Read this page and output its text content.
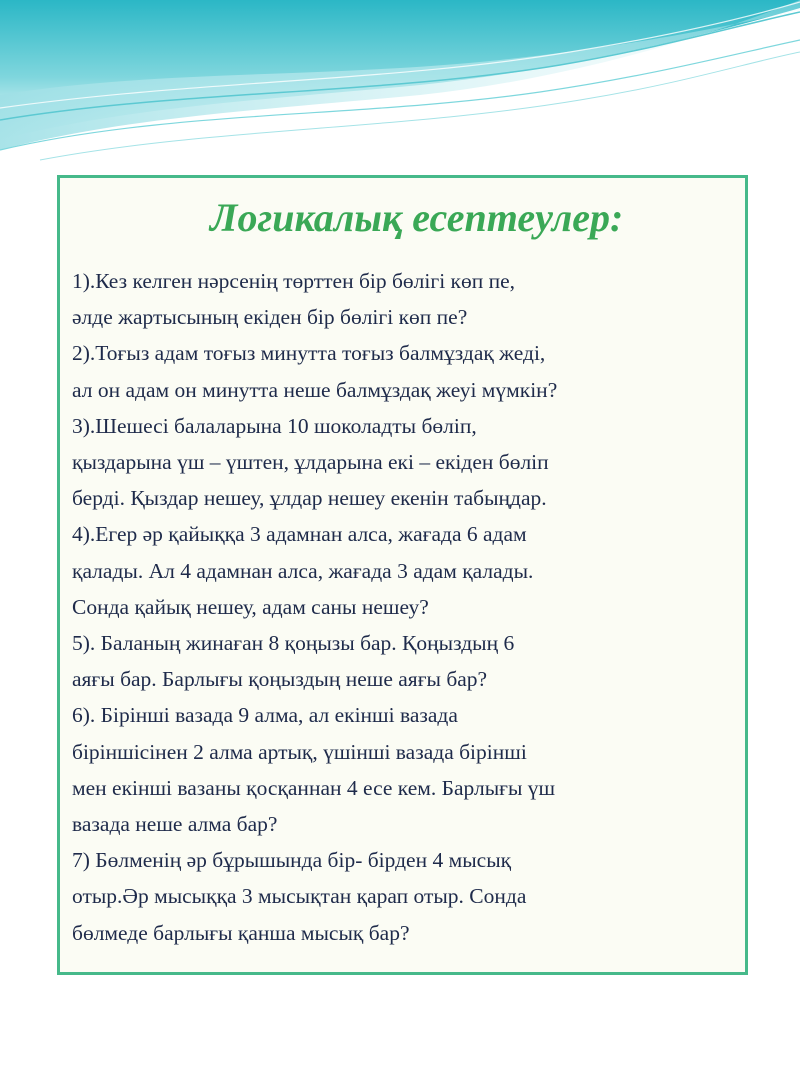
Логикалық есептеулер:
1).Кез келген нәрсенің төрттен бір бөлігі көп пе,
әлде жартысының екіден бір бөлігі көп пе?
2).Тоғыз адам тоғыз минутта тоғыз балмұздақ жеді,
ал он адам он минутта неше балмұздақ жеуі мүмкін?
3).Шешесі балаларына 10 шоколадты бөліп,
қыздарына үш – үштен, ұлдарына екі – екіден бөліп
берді. Қыздар нешеу, ұлдар нешеу екенін табыңдар.
4).Егер әр қайыққа 3 адамнан алса, жағада 6 адам
қалады. Ал 4 адамнан алса, жағада 3 адам қалады.
Сонда қайық нешеу, адам саны нешеу?
5). Баланың жинаған 8 қоңызы бар. Қоңыздың 6
аяғы бар. Барлығы қоңыздың неше аяғы бар?
6). Бірінші вазада 9 алма, ал екінші вазада
біріншісінен 2 алма артық, үшінші вазада бірінші
мен екінші вазаны қосқаннан 4 есе кем. Барлығы үш
вазада неше алма бар?
7) Бөлменің әр бұрышында бір- бірден 4 мысық
отыр.Әр мысыққа 3 мысықтан қарап отыр. Сонда
бөлмеде барлығы қанша мысық бар?
